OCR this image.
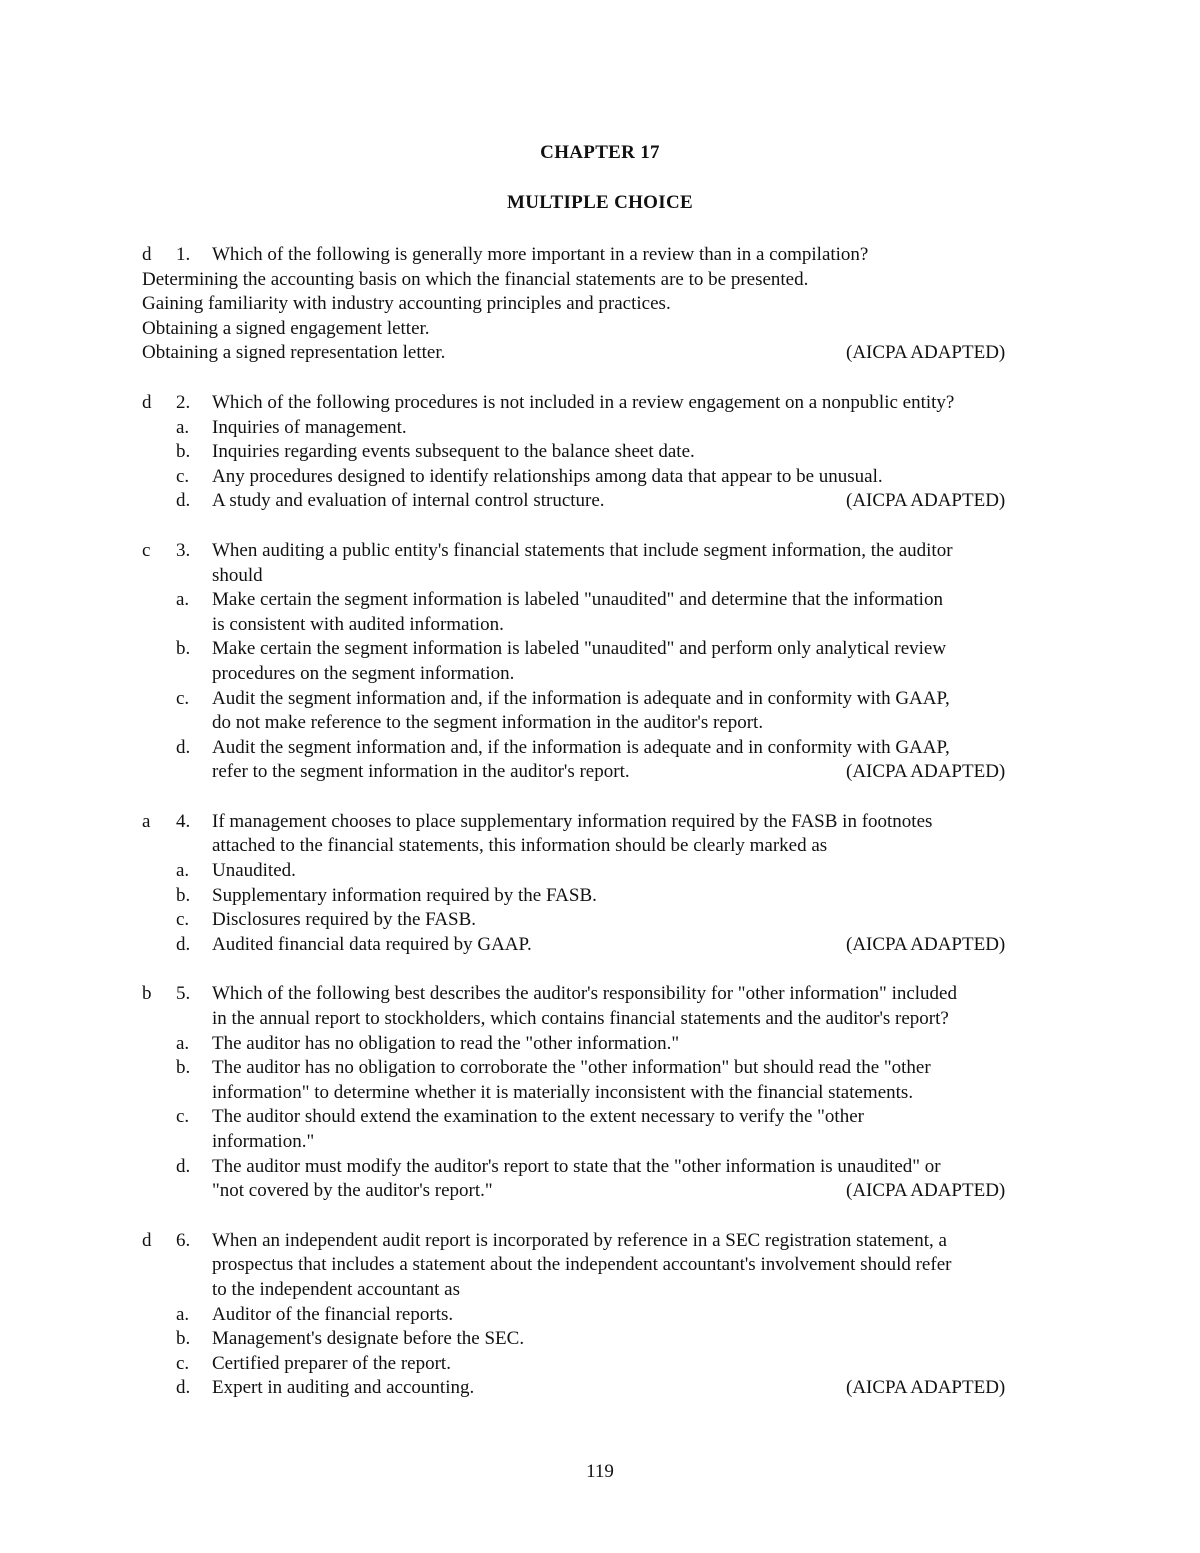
CHAPTER 17
MULTIPLE CHOICE
d 1. Which of the following is generally more important in a review than in a compilation?
Determining the accounting basis on which the financial statements are to be presented.
Gaining familiarity with industry accounting principles and practices.
Obtaining a signed engagement letter.
Obtaining a signed representation letter.	(AICPA ADAPTED)
d 2. Which of the following procedures is not included in a review engagement on a nonpublic entity?
a. Inquiries of management.
b. Inquiries regarding events subsequent to the balance sheet date.
c. Any procedures designed to identify relationships among data that appear to be unusual.
d. A study and evaluation of internal control structure.	(AICPA ADAPTED)
c 3. When auditing a public entity's financial statements that include segment information, the auditor
should
a. Make certain the segment information is labeled "unaudited" and determine that the information
is consistent with audited information.
b. Make certain the segment information is labeled "unaudited" and perform only analytical review
procedures on the segment information.
c. Audit the segment information and, if the information is adequate and in conformity with GAAP,
do not make reference to the segment information in the auditor's report.
d. Audit the segment information and, if the information is adequate and in conformity with GAAP,
refer to the segment information in the auditor's report.	(AICPA ADAPTED)
a 4. If management chooses to place supplementary information required by the FASB in footnotes
attached to the financial statements, this information should be clearly marked as
a. Unaudited.
b. Supplementary information required by the FASB.
c. Disclosures required by the FASB.
d. Audited financial data required by GAAP.	(AICPA ADAPTED)
b 5. Which of the following best describes the auditor's responsibility for "other information" included
in the annual report to stockholders, which contains financial statements and the auditor's report?
a. The auditor has no obligation to read the "other information."
b. The auditor has no obligation to corroborate the "other information" but should read the "other
information" to determine whether it is materially inconsistent with the financial statements.
c. The auditor should extend the examination to the extent necessary to verify the "other
information."
d. The auditor must modify the auditor's report to state that the "other information is unaudited" or
"not covered by the auditor's report."	(AICPA ADAPTED)
d 6. When an independent audit report is incorporated by reference in a SEC registration statement, a
prospectus that includes a statement about the independent accountant's involvement should refer
to the independent accountant as
a. Auditor of the financial reports.
b. Management's designate before the SEC.
c. Certified preparer of the report.
d. Expert in auditing and accounting.	(AICPA ADAPTED)
119
